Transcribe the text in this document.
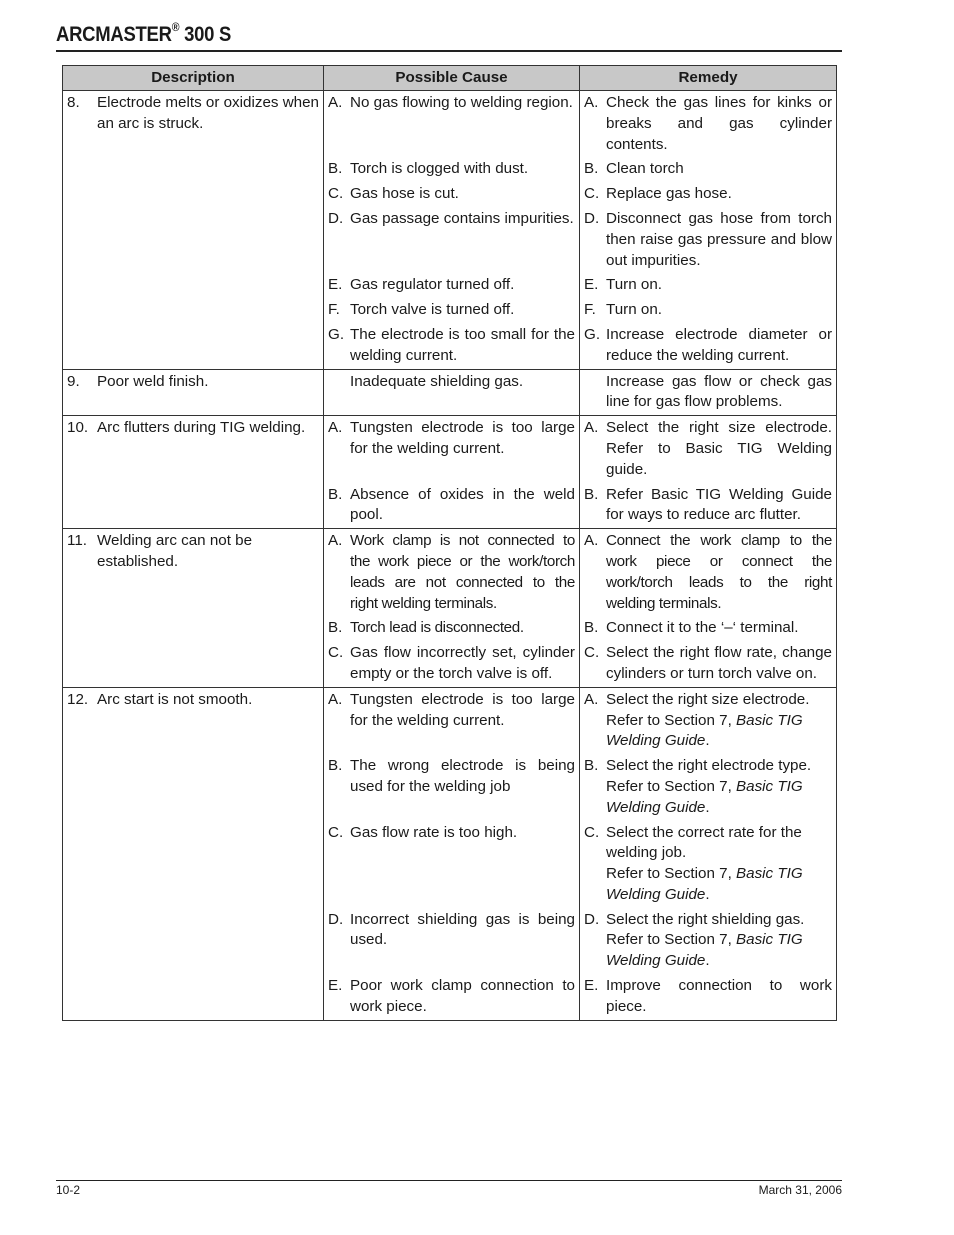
ARCMASTER® 300 S
Description	Possible Cause	Remedy

8. Electrode melts or oxidizes when an arc is struck.	A. No gas flowing to welding region.	A. Check the gas lines for kinks or breaks and gas cylinder contents.

	B. Torch is clogged with dust.	B. Clean torch

	C. Gas hose is cut.	C. Replace gas hose.

	D. Gas passage contains impurities.	D. Disconnect gas hose from torch then raise gas pressure and blow out impurities.

	E. Gas regulator turned off.	E. Turn on.

	F. Torch valve is turned off.	F. Turn on.

	G. The electrode is too small for the welding current.	G. Increase electrode diameter or reduce the welding current.

9. Poor weld finish.	Inadequate shielding gas.	Increase gas flow or check gas line for gas flow problems.

10. Arc flutters during TIG welding.	A. Tungsten electrode is too large for the welding current.	A. Select the right size electrode. Refer to Basic TIG Welding guide.

	B. Absence of oxides in the weld pool.	B. Refer Basic TIG Welding Guide for ways to reduce arc flutter.

11. Welding arc can not be established.	A. Work clamp is not connected to the work piece or the work/torch leads are not connected to the right welding terminals.	A. Connect the work clamp to the work piece or connect the work/torch leads to the right welding terminals.

	B. Torch lead is disconnected.	B. Connect it to the ‘–‘ terminal.

	C. Gas flow incorrectly set, cylinder empty or the torch valve is off.	C. Select the right flow rate, change cylinders or turn torch valve on.

12. Arc start is not smooth.	A. Tungsten electrode is too large for the welding current.	A. Select the right size electrode.
Refer to Section 7, Basic TIG Welding Guide.

	B. The wrong electrode is being used for the welding job	B. Select the right electrode type.
Refer to Section 7, Basic TIG Welding Guide.

	C. Gas flow rate is too high.	C. Select the correct rate for the welding job.
Refer to Section 7, Basic TIG Welding Guide.

	D. Incorrect shielding gas is being used.	D. Select the right shielding gas.
Refer to Section 7, Basic TIG Welding Guide.

	E. Poor work clamp connection to work piece.	E. Improve connection to work piece.
10-2	March 31, 2006
